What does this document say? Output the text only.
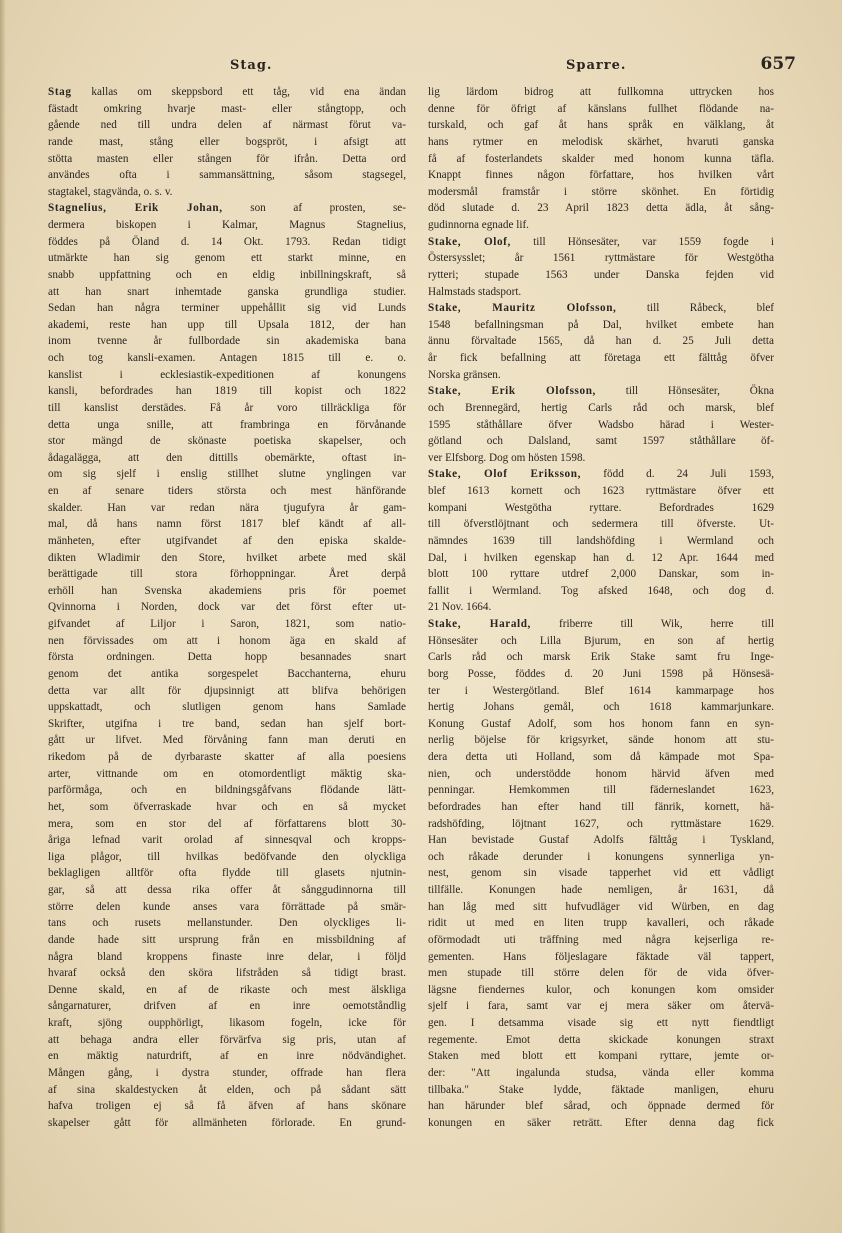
Stag.	Sparre.	657
Stag kallas om skeppsbord ett tåg, vid ena ändan
fästadt omkring hvarje mast- eller stångtopp, och
gående ned till undra delen af närmast förut va-
rande mast, stång eller bogspröt, i afsigt att
stötta masten eller stången för ifrån. Detta ord
användes ofta i sammansättning, såsom stagsegel,
stagtakel, stagvända, o. s. v.
Stagnelius, Erik Johan, son af prosten, se-
dermera biskopen i Kalmar, Magnus Stagnelius,
föddes på Öland d. 14 Okt. 1793. Redan tidigt
utmärkte han sig genom ett starkt minne, en
snabb uppfattning och en eldig inbillningskraft, så
att han snart inhemtade ganska grundliga studier.
Sedan han några terminer uppehållit sig vid Lunds
akademi, reste han upp till Upsala 1812, der han
inom tvenne år fullbordade sin akademiska bana
och tog kansli-examen. Antagen 1815 till e. o.
kanslist i ecklesiastik-expeditionen af konungens
kansli, befordrades han 1819 till kopist och 1822
till kanslist derstädes. Få år voro tillräckliga för
detta unga snille, att frambringa en förvånande
stor mängd de skönaste poetiska skapelser, och
ådagalägga, att den dittills obemärkte, oftast in-
om sig sjelf i enslig stillhet slutne ynglingen var
en af senare tiders största och mest hänförande
skalder. Han var redan nära tjugufyra år gam-
mal, då hans namn först 1817 blef kändt af all-
mänheten, efter utgifvandet af den episka skalde-
dikten Wladimir den Store, hvilket arbete med skäl
berättigade till stora förhoppningar. Året derpå
erhöll han Svenska akademiens pris för poemet
Qvinnorna i Norden, dock var det först efter ut-
gifvandet af Liljor i Saron, 1821, som natio-
nen förvissades om att i honom äga en skald af
första ordningen. Detta hopp besannades snart
genom det antika sorgespelet Bacchanterna, ehuru
detta var allt för djupsinnigt att blifva behörigen
uppskattadt, och slutligen genom hans Samlade
Skrifter, utgifna i tre band, sedan han sjelf bort-
gått ur lifvet. Med förvåning fann man deruti en
rikedom på de dyrbaraste skatter af alla poesiens
arter, vittnande om en otomordentligt mäktig ska-
parförmåga, och en bildningsgåfvans flödande lätt-
het, som öfverraskade hvar och en så mycket
mera, som en stor del af författarens blott 30-
åriga lefnad varit orolad af sinnesqval och kropps-
liga plågor, till hvilkas bedöfvande den olyckliga
beklagligen alltför ofta flydde till glasets njutnin-
gar, så att dessa rika offer åt sånggudinnorna till
större delen kunde anses vara förrättade på smär-
tans och rusets mellanstunder. Den olyckliges li-
dande hade sitt ursprung från en missbildning af
några bland kroppens finaste inre delar, i följd
hvaraf också den sköra lifstråden så tidigt brast.
Denne skald, en af de rikaste och mest älskliga
sångarnaturer, drifven af en inre oemotståndlig
kraft, sjöng oupphörligt, likasom fogeln, icke för
att behaga andra eller förvärfva sig pris, utan af
en mäktig naturdrift, af en inre nödvändighet.
Mången gång, i dystra stunder, offrade han flera
af sina skaldestycken åt elden, och på sådant sätt
hafva troligen ej så få äfven af hans skönare
skapelser gått för allmänheten förlorade. En grund-
lig lärdom bidrog att fullkomna uttrycken hos
denne för öfrigt af känslans fullhet flödande na-
turskald, och gaf åt hans språk en välklang, åt
hans rytmer en melodisk skärhet, hvaruti ganska
få af fosterlandets skalder med honom kunna täfla.
Knappt finnes någon författare, hos hvilken vårt
modersmål framstår i större skönhet. En förtidig
död slutade d. 23 April 1823 detta ädla, åt sång-
gudinnorna egnade lif.
Stake, Olof, till Hönsesäter, var 1559 fogde i
Östersysslet; år 1561 ryttmästare för Westgötha
rytteri; stupade 1563 under Danska fejden vid
Halmstads stadsport.
Stake, Mauritz Olofsson, till Råbeck, blef
1548 befallningsman på Dal, hvilket embete han
ännu förvaltade 1565, då han d. 25 Juli detta
år fick befallning att företaga ett fälttåg öfver
Norska gränsen.
Stake, Erik Olofsson, till Hönsesäter, Ökna
och Brennegärd, hertig Carls råd och marsk, blef
1595 ståthållare öfver Wadsbo härad i Wester-
götland och Dalsland, samt 1597 ståthållare öf-
ver Elfsborg. Dog om hösten 1598.
Stake, Olof Eriksson, född d. 24 Juli 1593,
blef 1613 kornett och 1623 ryttmästare öfver ett
kompani Westgötha ryttare. Befordrades 1629
till öfverstlöjtnant och sedermera till öfverste. Ut-
nämndes 1639 till landshöfding i Wermland och
Dal, i hvilken egenskap han d. 12 Apr. 1644 med
blott 100 ryttare utdref 2,000 Danskar, som in-
fallit i Wermland. Tog afsked 1648, och dog d.
21 Nov. 1664.
Stake, Harald, friberre till Wik, herre till
Hönsesäter och Lilla Bjurum, en son af hertig
Carls råd och marsk Erik Stake samt fru Inge-
borg Posse, föddes d. 20 Juni 1598 på Hönsesä-
ter i Westergötland. Blef 1614 kammarpage hos
hertig Johans gemål, och 1618 kammarjunkare.
Konung Gustaf Adolf, som hos honom fann en syn-
nerlig böjelse för krigsyrket, sände honom att stu-
dera detta uti Holland, som då kämpade mot Spa-
nien, och understödde honom härvid äfven med
penningar. Hemkommen till fäderneslandet 1623,
befordrades han efter hand till fänrik, kornett, hä-
radshöfding, löjtnant 1627, och ryttmästare 1629.
Han bevistade Gustaf Adolfs fälttåg i Tyskland,
och råkade derunder i konungens synnerliga yn-
nest, genom sin visade tapperhet vid ett vådligt
tillfälle. Konungen hade nemligen, år 1631, då
han låg med sitt hufvudläger vid Würben, en dag
ridit ut med en liten trupp kavalleri, och råkade
oförmodadt uti träffning med några kejserliga re-
gementen. Hans följeslagare fäktade väl tappert,
men stupade till större delen för de vida öfver-
lägsne fiendernes kulor, och konungen kom omsider
sjelf i fara, samt var ej mera säker om återvä-
gen. I detsamma visade sig ett nytt fiendtligt
regemente. Emot detta skickade konungen straxt
Staken med blott ett kompani ryttare, jemte or-
der: "Att ingalunda studsa, vända eller komma
tillbaka." Stake lydde, fäktade manligen, ehuru
han härunder blef sårad, och öppnade dermed för
konungen en säker reträtt. Efter denna dag fick
